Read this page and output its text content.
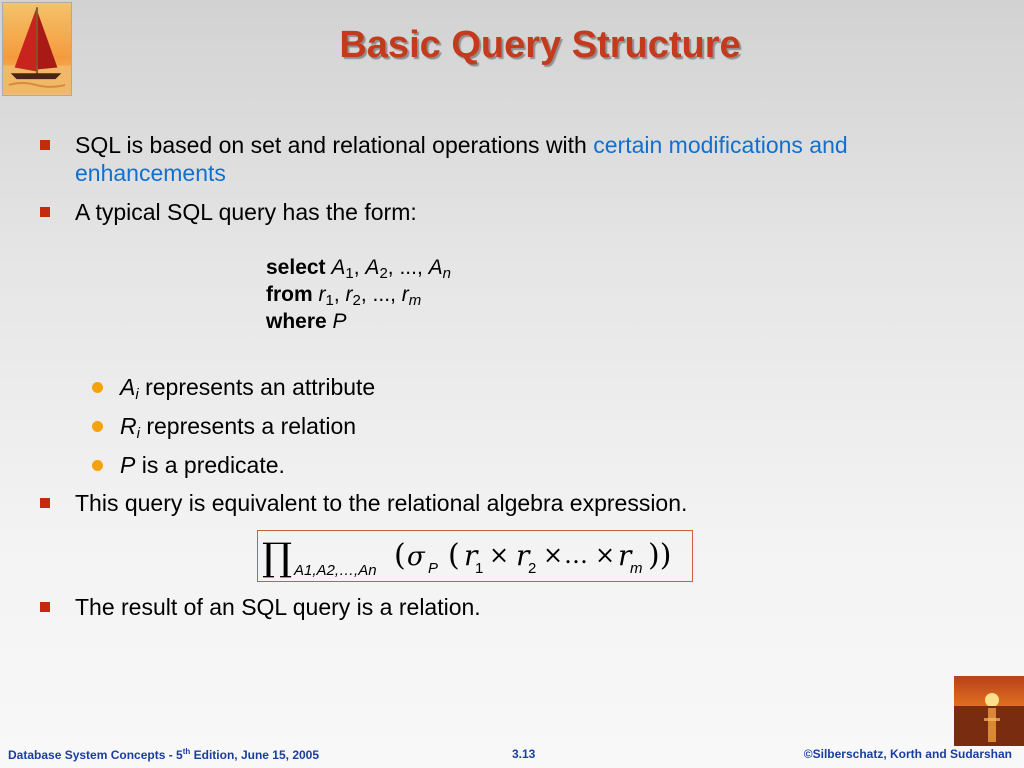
Basic Query Structure
SQL is based on set and relational operations with certain modifications and
enhancements
A typical SQL query has the form:
select $A_1$, $A_2$, ..., $A_n$
from $r_1$, $r_2$, ..., $r_m$
where P
$A_i$ represents an attribute
$R_i$ represents a relation
P is a predicate.
This query is equivalent to the relational algebra expression.
∏ A1,A2,…,An ( σ P ( r
1 × r
2 × … × r
m ))
The result of an SQL query is a relation.
Database System Concepts - 5th Edition, June 15, 2005	3.13	©Silberschatz, Korth and Sudarshan
